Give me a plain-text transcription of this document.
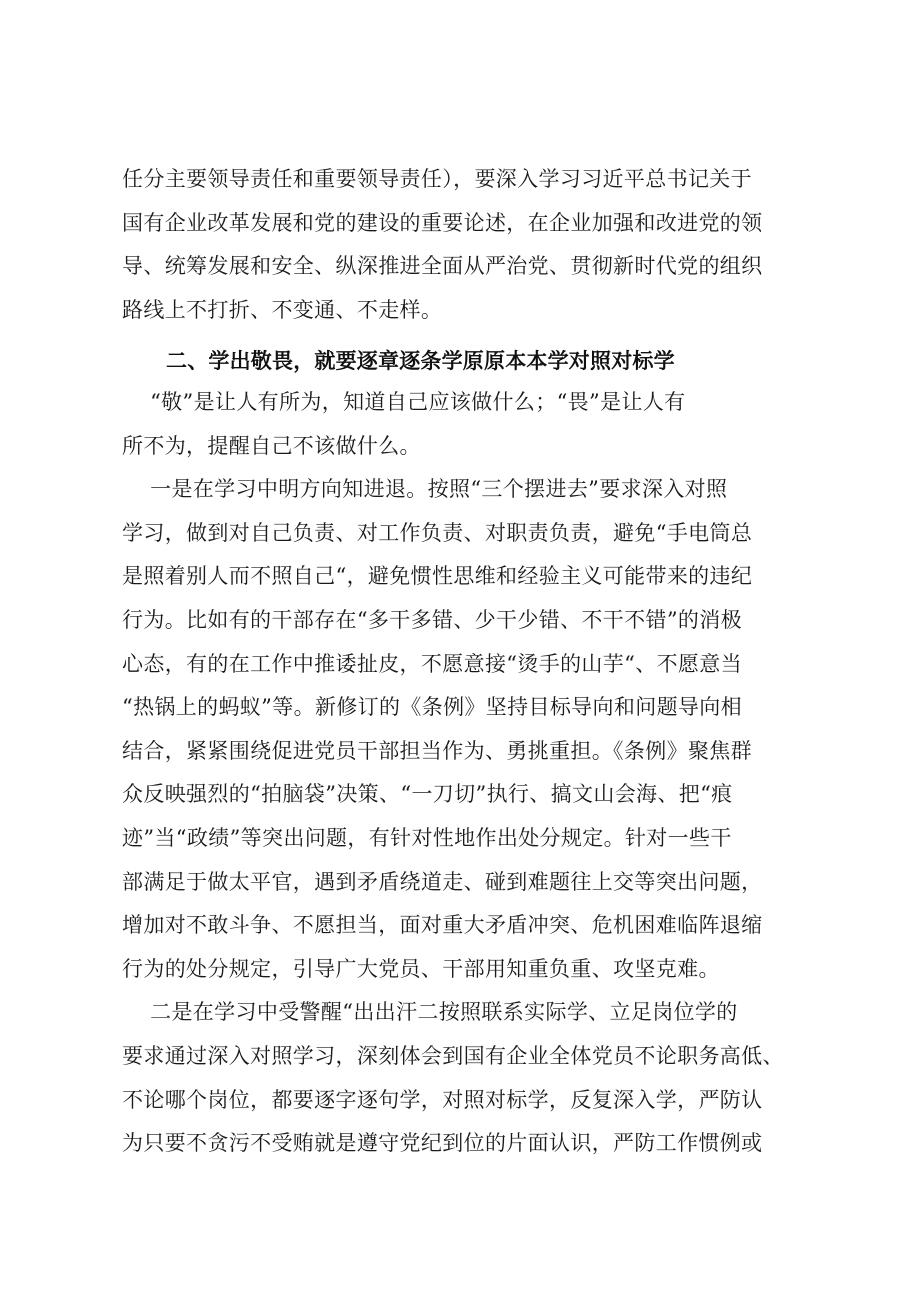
任分主要领导责任和重要领导责任），要深入学习习近平总书记关于
国有企业改革发展和党的建设的重要论述，在企业加强和改进党的领
导、统筹发展和安全、纵深推进全面从严治党、贯彻新时代党的组织
路线上不打折、不变通、不走样。
二、学出敬畏，就要逐章逐条学原原本本学对照对标学
“敬”是让人有所为，知道自己应该做什么；“畏”是让人有
所不为，提醒自己不该做什么。
一是在学习中明方向知进退。按照“三个摆进去”要求深入对照
学习，做到对自己负责、对工作负责、对职责负责，避免“手电筒总
是照着别人而不照自己“，避免惯性思维和经验主义可能带来的违纪
行为。比如有的干部存在“多干多错、少干少错、不干不错”的消极
心态，有的在工作中推诿扯皮，不愿意接“烫手的山芋“、不愿意当
“热锅上的蚂蚁”等。新修订的《条例》坚持目标导向和问题导向相
结合，紧紧围绕促进党员干部担当作为、勇挑重担。《条例》聚焦群
众反映强烈的“拍脑袋”决策、“一刀切”执行、搞文山会海、把“痕
迹”当“政绩”等突出问题，有针对性地作出处分规定。针对一些干
部满足于做太平官，遇到矛盾绕道走、碰到难题往上交等突出问题，
增加对不敢斗争、不愿担当，面对重大矛盾冲突、危机困难临阵退缩
行为的处分规定，引导广大党员、干部用知重负重、攻坚克难。
二是在学习中受警醒“出出汗二按照联系实际学、立足岗位学的
要求通过深入对照学习，深刻体会到国有企业全体党员不论职务高低、
不论哪个岗位，都要逐字逐句学，对照对标学，反复深入学，严防认
为只要不贪污不受贿就是遵守党纪到位的片面认识，严防工作惯例或
